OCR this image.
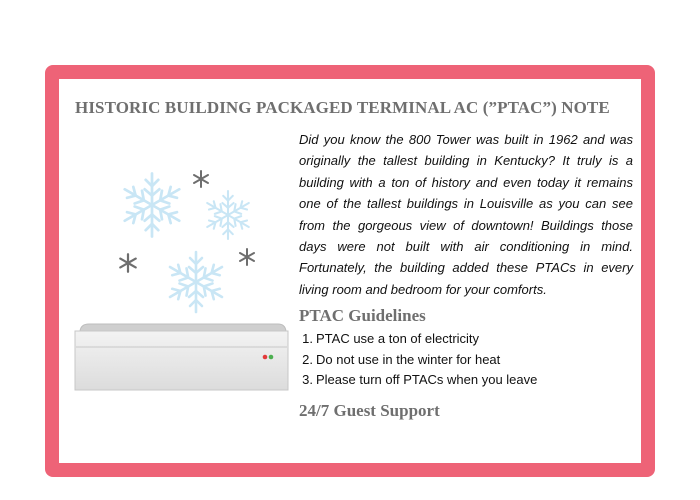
HISTORIC BUILDING PACKAGED TERMINAL AC (”PTAC”) NOTE
Did you know the 800 Tower was built in 1962 and was originally the tallest building in Kentucky? It truly is a building with a ton of history and even today it remains one of the tallest buildings in Louisville as you can see from the gorgeous view of downtown! Buildings those days were not built with air conditioning in mind. Fortunately, the building added these PTACs in every living room and bedroom for your comforts.
PTAC Guidelines
1. PTAC use a ton of electricity
2. Do not use in the winter for heat
3. Please turn off PTACs when you leave
24/7 Guest Support
